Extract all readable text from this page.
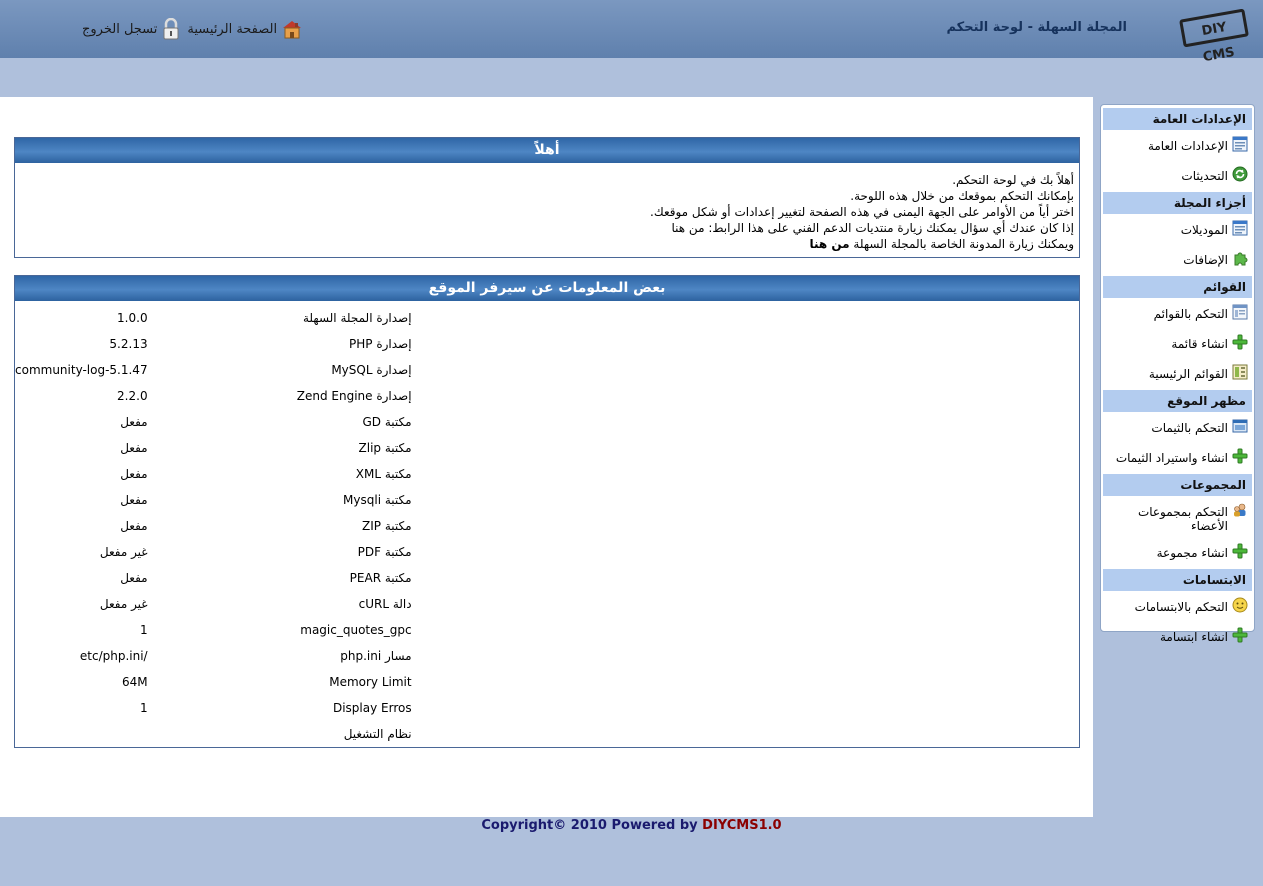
DIY CMS
المجلة السهلة - لوحة التحكم
الصفحة الرئيسية
تسجل الخروج
أهلاً
أهلاً بك في لوحة التحكم.
بإمكانك التحكم بموقعك من خلال هذه اللوحة.
اختر أياً من الأوامر على الجهة اليمنى في هذه الصفحة لتغيير إعدادات أو شكل موقعك.
إذا كان عندك أي سؤال يمكنك زيارة منتديات الدعم الفني على هذا الرابط: من هنا
ويمكنك زيارة المدونة الخاصة بالمجلة السهلة من هنا
بعض المعلومات عن سيرفر الموقع
إصدارة المجلة السهلة	1.0.0
إصدارة PHP	5.2.13
إصدارة MySQL	community-log-5.1.47
إصدارة Zend Engine	2.2.0
مكتبة GD	مفعل
مكتبة Zlip	مفعل
مكتبة XML	مفعل
مكتبة Mysqli	مفعل
مكتبة ZIP	مفعل
مكتبة PDF	غير مفعل
مكتبة PEAR	مفعل
دالة cURL	غير مفعل
magic_quotes_gpc	1
مسار php.ini	/etc/php.ini
Memory Limit	64M
Display Erros	1
نظام التشغيل	
الإعدادات العامة
الإعدادات العامة
التحديثات
أجزاء المجلة
الموديلات
الإضافات
القوائم
التحكم بالقوائم
انشاء قائمة
القوائم الرئيسية
مظهر الموقع
التحكم بالثيمات
انشاء واستيراد الثيمات
المجموعات
التحكم بمجموعات الأعضاء
انشاء مجموعة
الابتسامات
التحكم بالابتسامات
انشاء ابتسامة
Copyright© 2010 Powered by DIYCMS1.0
